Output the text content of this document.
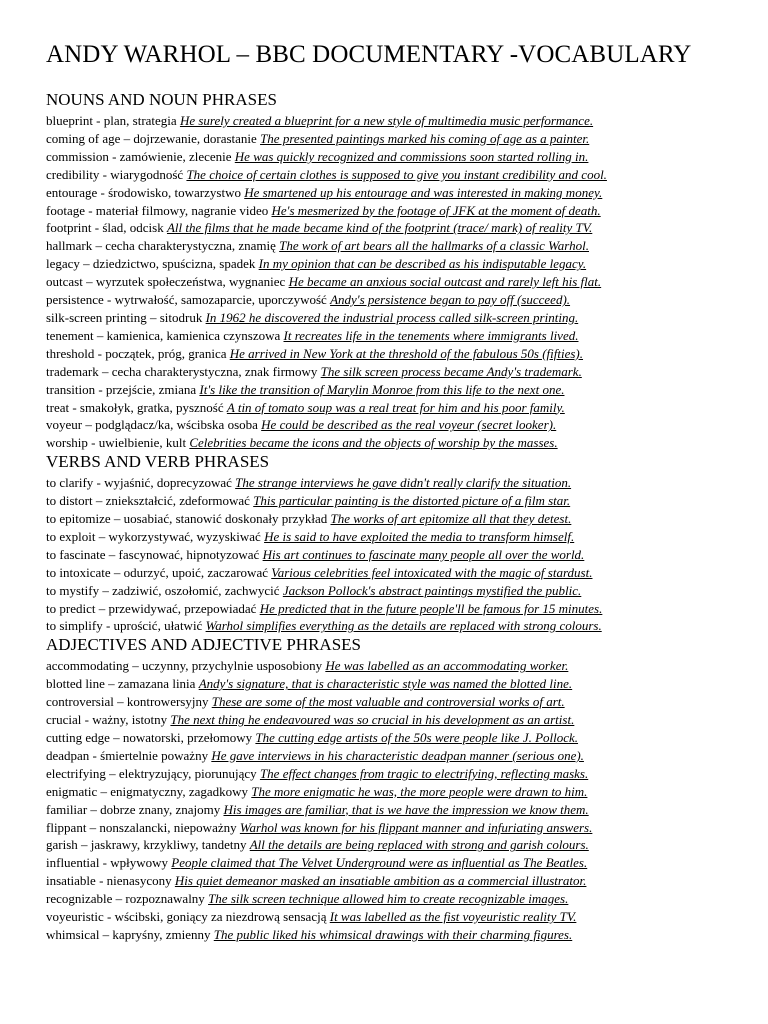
ANDY WARHOL – BBC DOCUMENTARY -VOCABULARY
NOUNS AND NOUN PHRASES
blueprint - plan, strategia He surely created a blueprint for a new style of multimedia music performance.
coming of age – dojrzewanie, dorastanie The presented paintings marked his coming of age as a painter.
commission - zamówienie, zlecenie He was quickly recognized and commissions soon started rolling in.
credibility - wiarygodność The choice of certain clothes is supposed to give you instant credibility and cool.
entourage - środowisko, towarzystwo He smartened up his entourage and was interested in making money.
footage - materiał filmowy, nagranie video He's mesmerized by the footage of JFK at the moment of death.
footprint - ślad, odcisk All the films that he made became kind of the footprint (trace/ mark) of reality TV.
hallmark – cecha charakterystyczna, znamię The work of art bears all the hallmarks of a classic Warhol.
legacy – dziedzictwo, spuścizna, spadek In my opinion that can be described as his indisputable legacy.
outcast – wyrzutek społeczeństwa, wygnaniec He became an anxious social outcast and rarely left his flat.
persistence - wytrwałość, samozaparcie, uporczywość Andy's persistence began to pay off (succeed).
silk-screen printing – sitodruk In 1962 he discovered the industrial process called silk-screen printing.
tenement – kamienica, kamienica czynszowa It recreates life in the tenements where immigrants lived.
threshold - początek, próg, granica He arrived in New York at the threshold of the fabulous 50s (fifties).
trademark – cecha charakterystyczna, znak firmowy The silk screen process became Andy's trademark.
transition - przejście, zmiana It's like the transition of Marylin Monroe from this life to the next one.
treat - smakołyk, gratka, pyszność A tin of tomato soup was a real treat for him and his poor family.
voyeur – podglądacz/ka, wścibska osoba He could be described as the real voyeur (secret looker).
worship - uwielbienie, kult Celebrities became the icons and the objects of worship by the masses.
VERBS AND VERB PHRASES
to clarify - wyjaśnić, doprecyzować The strange interviews he gave didn't really clarify the situation.
to distort – zniekształcić, zdeformować This particular painting is the distorted picture of a film star.
to epitomize – uosabiać, stanowić doskonały przykład The works of art epitomize all that they detest.
to exploit – wykorzystywać, wyzyskiwać He is said to have exploited the media to transform himself.
to fascinate – fascynować, hipnotyzować His art continues to fascinate many people all over the world.
to intoxicate – odurzyć, upoić, zaczarować Various celebrities feel intoxicated with the magic of stardust.
to mystify – zadziwić, oszołomić, zachwycić Jackson Pollock's abstract paintings mystified the public.
to predict – przewidywać, przepowiadać He predicted that in the future people'll be famous for 15 minutes.
to simplify - uprościć, ułatwić Warhol simplifies everything as the details are replaced with strong colours.
ADJECTIVES AND ADJECTIVE PHRASES
accommodating – uczynny, przychylnie usposobiony He was labelled as an accommodating worker.
blotted line – zamazana linia Andy's signature, that is characteristic style was named the blotted line.
controversial – kontrowersyjny These are some of the most valuable and controversial works of art.
crucial - ważny, istotny The next thing he endeavoured was so crucial in his development as an artist.
cutting edge – nowatorski, przełomowy The cutting edge artists of the 50s were people like J. Pollock.
deadpan - śmiertelnie poważny He gave interviews in his characteristic deadpan manner (serious one).
electrifying – elektryzujący, piorunujący The effect changes from tragic to electrifying, reflecting masks.
enigmatic – enigmatyczny, zagadkowy The more enigmatic he was, the more people were drawn to him.
familiar – dobrze znany, znajomy His images are familiar, that is we have the impression we know them.
flippant – nonszalancki, niepoważny Warhol was known for his flippant manner and infuriating answers.
garish – jaskrawy, krzykliwy, tandetny All the details are being replaced with strong and garish colours.
influential - wpływowy People claimed that The Velvet Underground were as influential as The Beatles.
insatiable - nienasycony His quiet demeanor masked an insatiable ambition as a commercial illustrator.
recognizable – rozpoznawalny The silk screen technique allowed him to create recognizable images.
voyeuristic - wścibski, goniący za niezdrową sensacją It was labelled as the fist voyeuristic reality TV.
whimsical – kapryśny, zmienny The public liked his whimsical drawings with their charming figures.
